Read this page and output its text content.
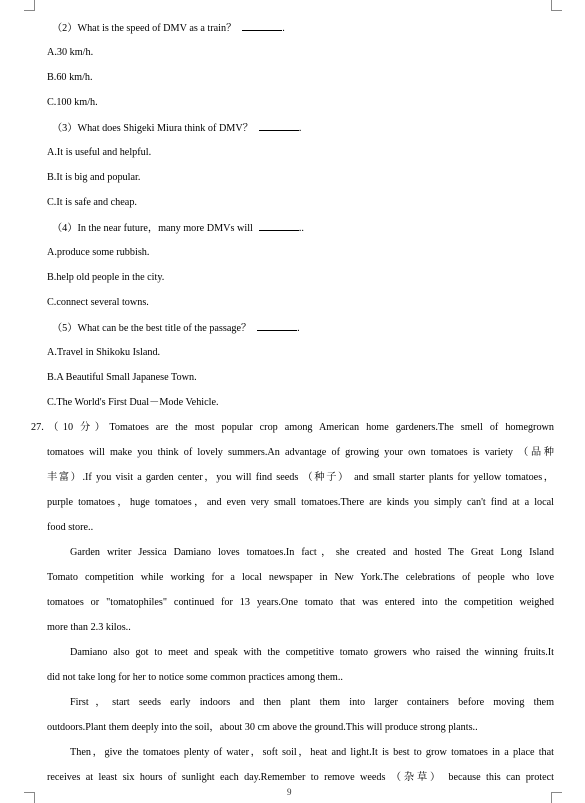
（2）What is the speed of DMV as a train？	.
A.30 km/h.
B.60 km/h.
C.100 km/h.
（3）What does Shigeki Miura think of DMV？	.
A.It is useful and helpful.
B.It is big and popular.
C.It is safe and cheap.
（4）In the near future，many more DMVs will	..
A.produce some rubbish.
B.help old people in the city.
C.connect several towns.
（5）What can be the best title of the passage？	.
A.Travel in Shikoku Island.
B.A Beautiful Small Japanese Town.
C.The World's First Dual－Mode Vehicle.
27.（10 分）Tomatoes are the most popular crop among American home gardeners.The smell of homegrown
tomatoes will make you think of lovely summers.An advantage of growing your own tomatoes is variety （品种
丰富）.If you visit a garden center，you will find seeds （种子） and small starter plants for yellow tomatoes，
purple tomatoes，huge tomatoes，and even very small tomatoes.There are kinds you simply can't find at a local
food store..
Garden writer Jessica Damiano loves tomatoes.In fact，she created and hosted The Great Long Island
Tomato competition while working for a local newspaper in New York.The celebrations of people who love
tomatoes or "tomatophiles" continued for 13 years.One tomato that was entered into the competition weighed
more than 2.3 kilos..
Damiano also got to meet and speak with the competitive tomato growers who raised the winning fruits.It
did not take long for her to notice some common practices among them..
First，start seeds early indoors and then plant them into larger containers before moving them
outdoors.Plant them deeply into the soil，about 30 cm above the ground.This will produce strong plants..
Then，give the tomatoes plenty of water，soft soil，heat and light.It is best to grow tomatoes in a place that
receives at least six hours of sunlight each day.Remember to remove weeds （杂草） because this can protect
9
